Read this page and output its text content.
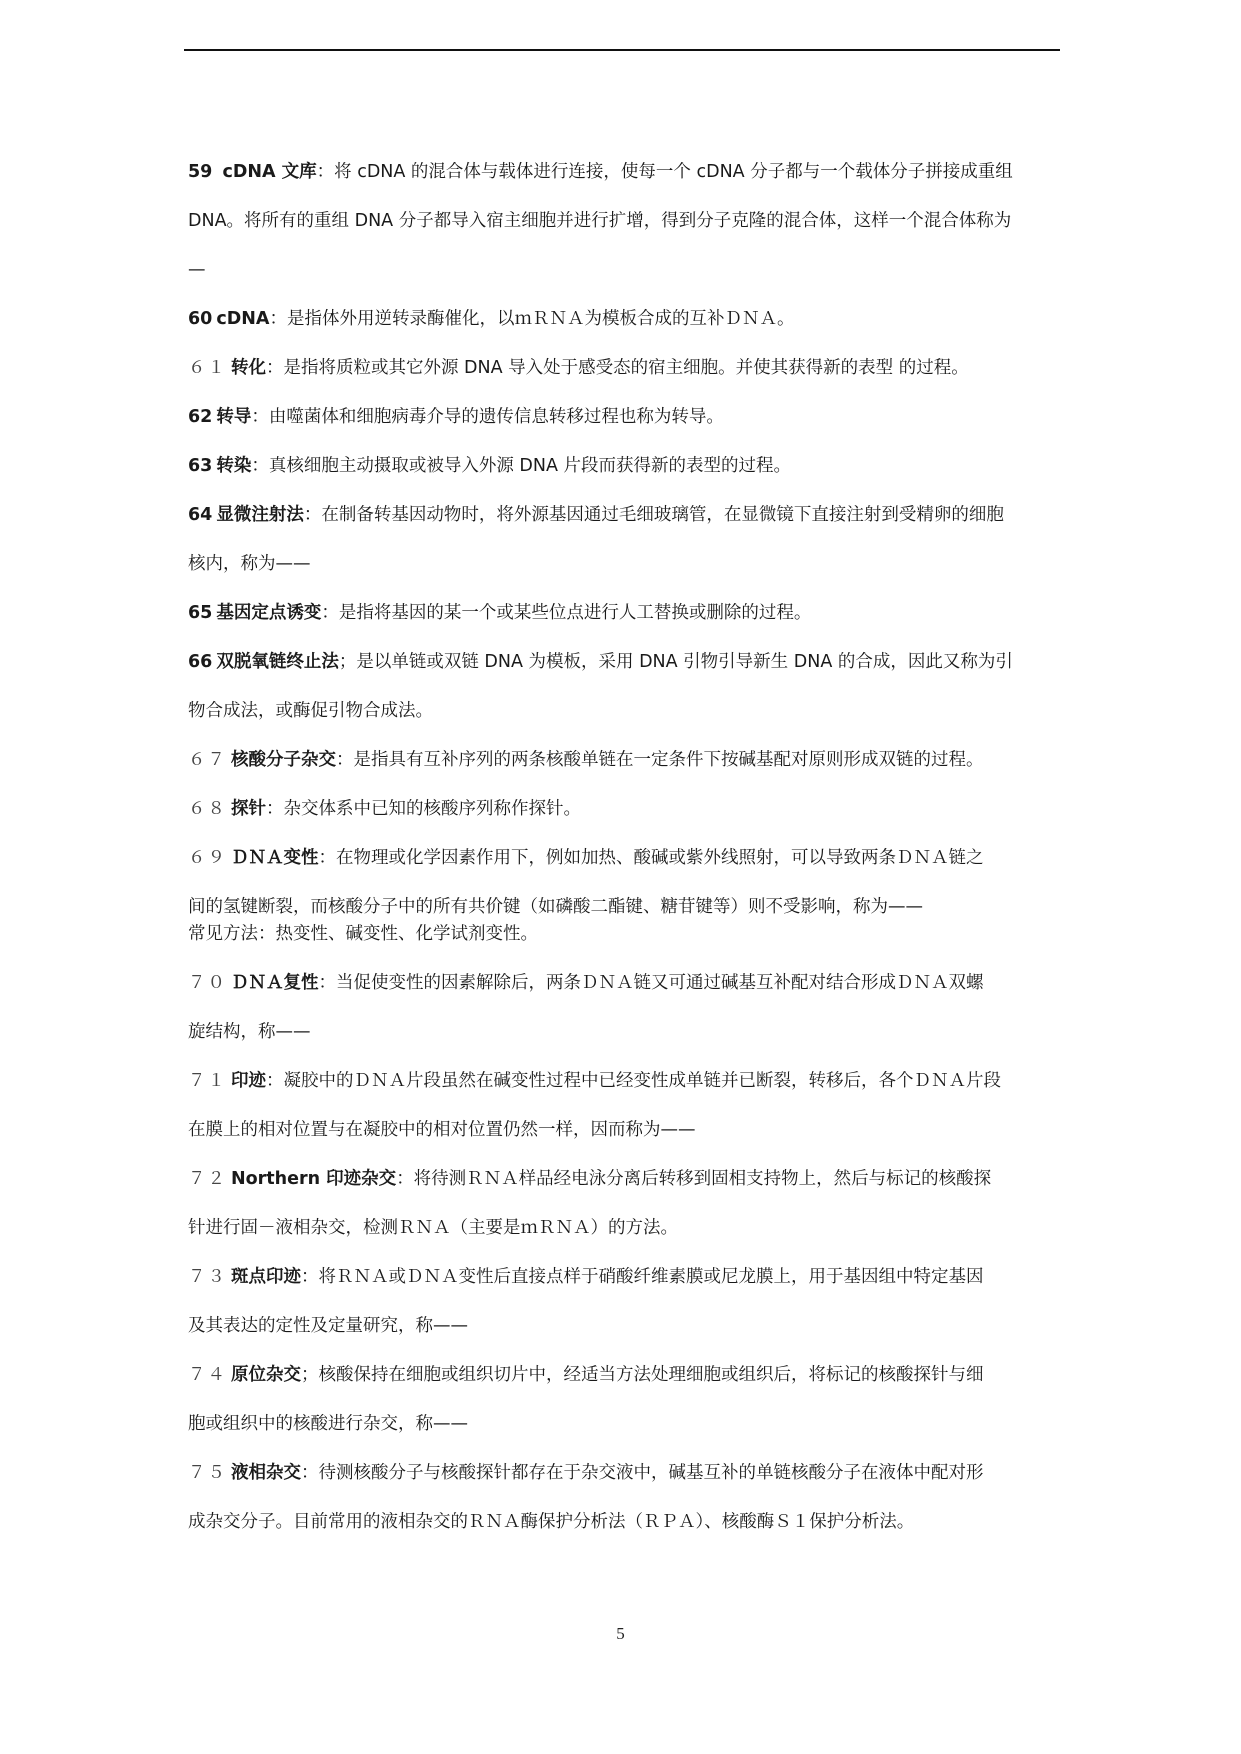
59 cDNA 文库：将 cDNA 的混合体与载体进行连接，使每一个 cDNA 分子都与一个载体分子拼接成重组
DNA。将所有的重组 DNA 分子都导入宿主细胞并进行扩增，得到分子克隆的混合体，这样一个混合体称为
—
60 cDNA：是指体外用逆转录酶催化，以ｍＲＮＡ为模板合成的互补ＤＮＡ。
６１ 转化：是指将质粒或其它外源 DNA 导入处于感受态的宿主细胞。并使其获得新的表型 的过程。
62 转导：由噬菌体和细胞病毒介导的遗传信息转移过程也称为转导。
63 转染：真核细胞主动摄取或被导入外源 DNA 片段而获得新的表型的过程。
64 显微注射法：在制备转基因动物时，将外源基因通过毛细玻璃管，在显微镜下直接注射到受精卵的细胞
核内，称为——
65 基因定点诱变：是指将基因的某一个或某些位点进行人工替换或删除的过程。
66 双脱氧链终止法；是以单链或双链 DNA 为模板，采用 DNA 引物引导新生 DNA 的合成，因此又称为引
物合成法，或酶促引物合成法。
６７ 核酸分子杂交：是指具有互补序列的两条核酸单链在一定条件下按碱基配对原则形成双链的过程。
６８ 探针：杂交体系中已知的核酸序列称作探针。
６９ ＤＮＡ变性：在物理或化学因素作用下，例如加热、酸碱或紫外线照射，可以导致两条ＤＮＡ链之
间的氢键断裂，而核酸分子中的所有共价键（如磷酸二酯键、糖苷键等）则不受影响，称为——
常见方法：热变性、碱变性、化学试剂变性。
７０ ＤＮＡ复性：当促使变性的因素解除后，两条ＤＮＡ链又可通过碱基互补配对结合形成ＤＮＡ双螺
旋结构，称——
７１ 印迹：凝胶中的ＤＮＡ片段虽然在碱变性过程中已经变性成单链并已断裂，转移后，各个ＤＮＡ片段
在膜上的相对位置与在凝胶中的相对位置仍然一样，因而称为——
７２ Northern 印迹杂交：将待测ＲＮＡ样品经电泳分离后转移到固相支持物上，然后与标记的核酸探
针进行固－液相杂交，检测ＲＮＡ（主要是ｍＲＮＡ）的方法。
７３ 斑点印迹：将ＲＮＡ或ＤＮＡ变性后直接点样于硝酸纤维素膜或尼龙膜上，用于基因组中特定基因
及其表达的定性及定量研究，称——
７４ 原位杂交；核酸保持在细胞或组织切片中，经适当方法处理细胞或组织后，将标记的核酸探针与细
胞或组织中的核酸进行杂交，称——
７５ 液相杂交：待测核酸分子与核酸探针都存在于杂交液中，碱基互补的单链核酸分子在液体中配对形
成杂交分子。目前常用的液相杂交的ＲＮＡ酶保护分析法（ＲＰＡ）、核酸酶Ｓ１保护分析法。
5
